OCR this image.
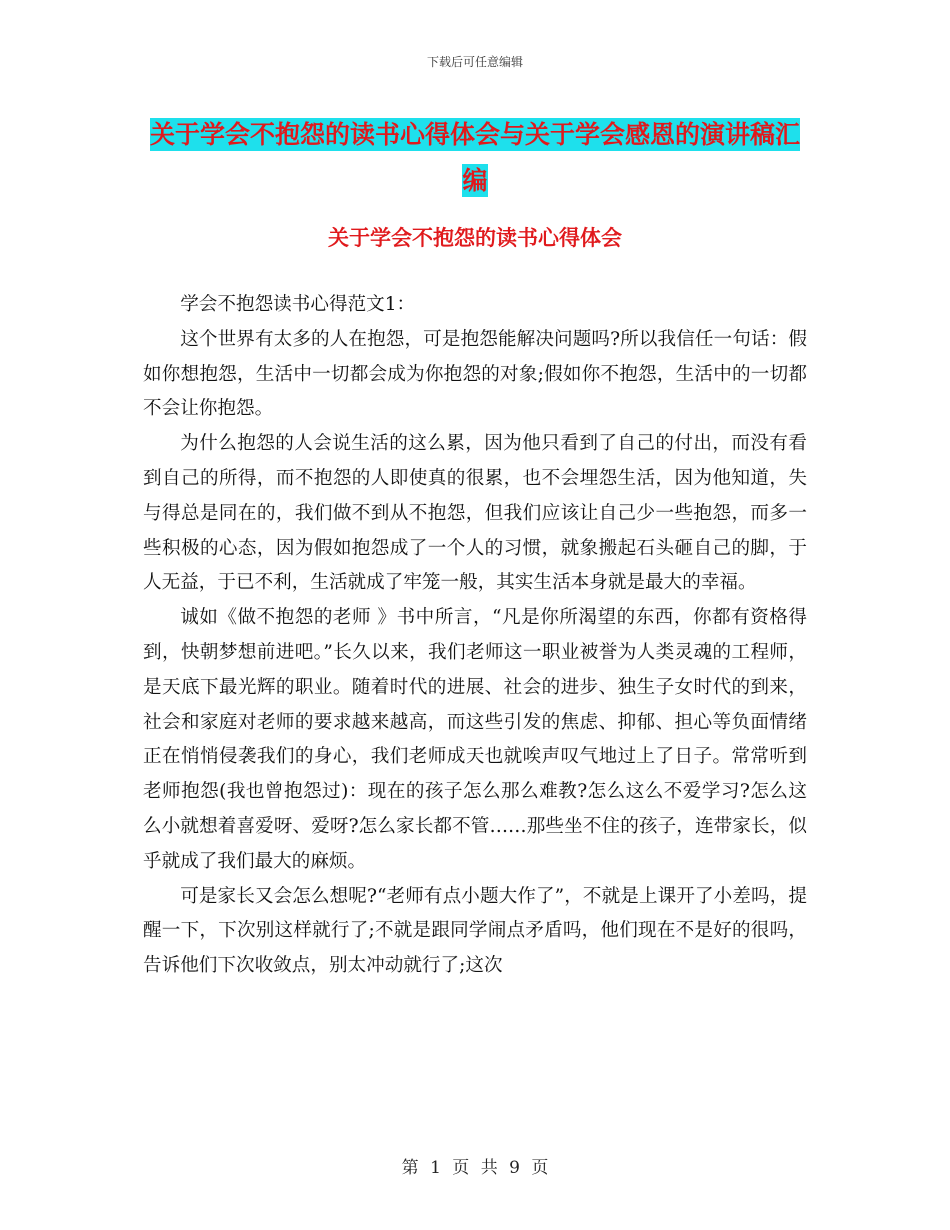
下载后可任意编辑
关于学会不抱怨的读书心得体会与关于学会感恩的演讲稿汇编
关于学会不抱怨的读书心得体会

学会不抱怨读书心得范文1：

这个世界有太多的人在抱怨，可是抱怨能解决问题吗?所以我信任一句话：假如你想抱怨，生活中一切都会成为你抱怨的对象;假如你不抱怨，生活中的一切都不会让你抱怨。

为什么抱怨的人会说生活的这么累，因为他只看到了自己的付出，而没有看到自己的所得，而不抱怨的人即使真的很累，也不会埋怨生活，因为他知道，失与得总是同在的，我们做不到从不抱怨，但我们应该让自己少一些抱怨，而多一些积极的心态，因为假如抱怨成了一个人的习惯，就象搬起石头砸自己的脚，于人无益，于已不利，生活就成了牢笼一般，其实生活本身就是最大的幸福。

诚如《做不抱怨的老师 》书中所言，“凡是你所渴望的东西，你都有资格得到，快朝梦想前进吧。”长久以来，我们老师这一职业被誉为人类灵魂的工程师，是天底下最光辉的职业。随着时代的进展、社会的进步、独生子女时代的到来，社会和家庭对老师的要求越来越高，而这些引发的焦虑、抑郁、担心等负面情绪正在悄悄侵袭我们的身心，我们老师成天也就唉声叹气地过上了日子。常常听到老师抱怨(我也曾抱怨过)：现在的孩子怎么那么难教?怎么这么不爱学习?怎么这么小就想着喜爱呀、爱呀?怎么家长都不管……那些坐不住的孩子，连带家长，似乎就成了我们最大的麻烦。

可是家长又会怎么想呢?“老师有点小题大作了”，不就是上课开了小差吗，提醒一下，下次别这样就行了;不就是跟同学闹点矛盾吗，他们现在不是好的很吗，告诉他们下次收敛点，别太冲动就行了;这次

第 1 页 共 9 页
